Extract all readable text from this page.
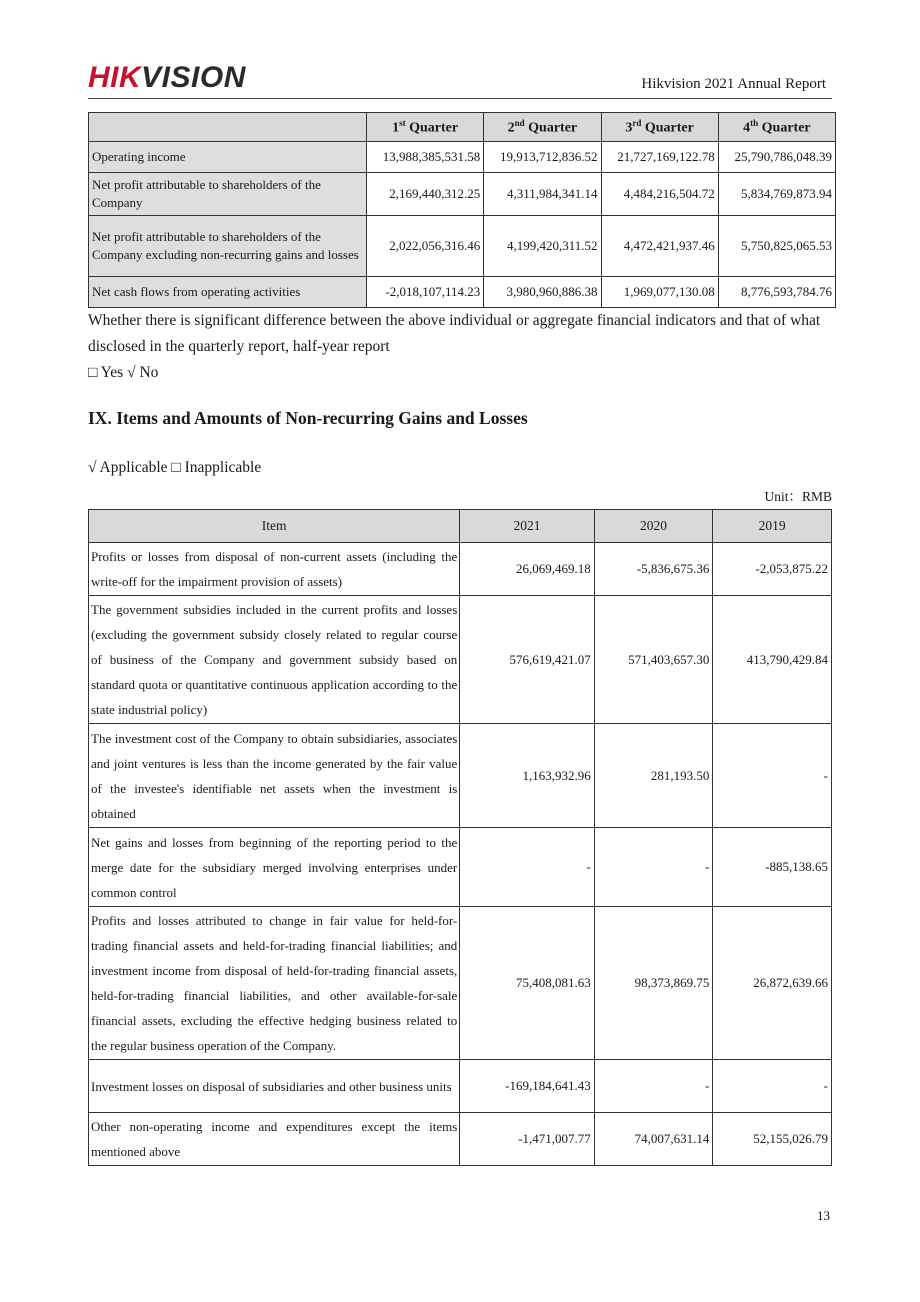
HIKVISION	Hikvision 2021 Annual Report
	1st Quarter	2nd Quarter	3rd Quarter	4th Quarter
Operating income	13,988,385,531.58	19,913,712,836.52	21,727,169,122.78	25,790,786,048.39
Net profit attributable to shareholders of the Company	2,169,440,312.25	4,311,984,341.14	4,484,216,504.72	5,834,769,873.94
Net profit attributable to shareholders of the Company excluding non-recurring gains and losses	2,022,056,316.46	4,199,420,311.52	4,472,421,937.46	5,750,825,065.53
Net cash flows from operating activities	-2,018,107,114.23	3,980,960,886.38	1,969,077,130.08	8,776,593,784.76
Whether there is significant difference between the above individual or aggregate financial indicators and that of what disclosed in the quarterly report, half-year report
□ Yes √ No
IX. Items and Amounts of Non-recurring Gains and Losses
√ Applicable □ Inapplicable
Unit：RMB
Item	2021	2020	2019
Profits or losses from disposal of non-current assets (including the write-off for the impairment provision of assets)	26,069,469.18	-5,836,675.36	-2,053,875.22
The government subsidies included in the current profits and losses (excluding the government subsidy closely related to regular course of business of the Company and government subsidy based on standard quota or quantitative continuous application according to the state industrial policy)	576,619,421.07	571,403,657.30	413,790,429.84
The investment cost of the Company to obtain subsidiaries, associates and joint ventures is less than the income generated by the fair value of the investee's identifiable net assets when the investment is obtained	1,163,932.96	281,193.50	-
Net gains and losses from beginning of the reporting period to the merge date for the subsidiary merged involving enterprises under common control	-	-	-885,138.65
Profits and losses attributed to change in fair value for held-for-trading financial assets and held-for-trading financial liabilities; and investment income from disposal of held-for-trading financial assets, held-for-trading financial liabilities, and other available-for-sale financial assets, excluding the effective hedging business related to the regular business operation of the Company.	75,408,081.63	98,373,869.75	26,872,639.66
Investment losses on disposal of subsidiaries and other business units	-169,184,641.43	-	-
Other non-operating income and expenditures except the items mentioned above	-1,471,007.77	74,007,631.14	52,155,026.79
13
